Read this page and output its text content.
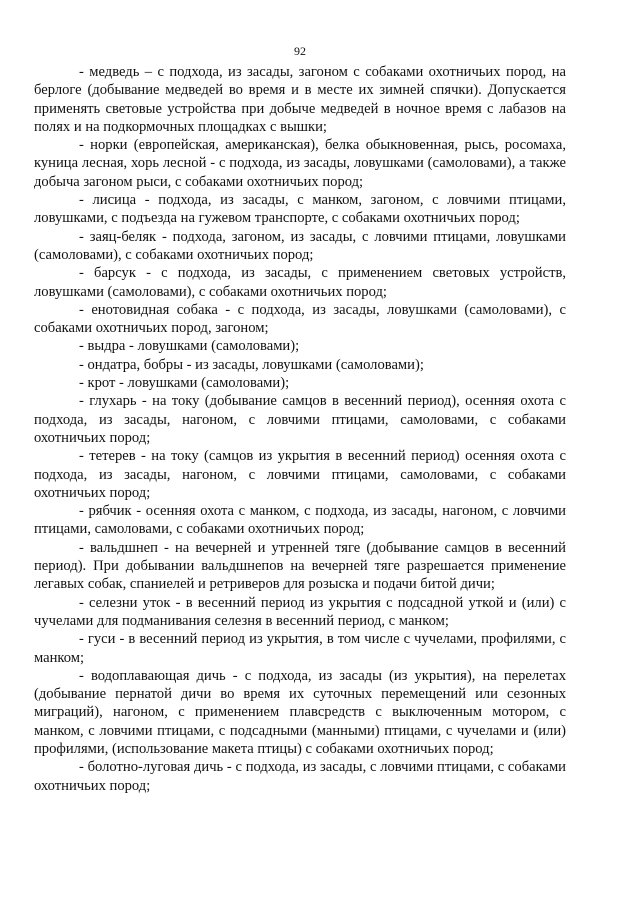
92

- медведь – с подхода, из засады, загоном с собаками охотничьих пород, на берлоге (добывание медведей во время и в месте их зимней спячки). Допускается применять световые устройства при добыче медведей в ночное время с лабазов на полях и на подкормочных площадках с вышки;

- норки (европейская, американская), белка обыкновенная, рысь, росомаха, куница лесная, хорь лесной - с подхода, из засады, ловушками (самоловами), а также добыча загоном рыси, с собаками охотничьих пород;

- лисица - подхода, из засады, с манком, загоном, с ловчими птицами, ловушками, с подъезда на гужевом транспорте, с собаками охотничьих пород;

- заяц-беляк - подхода, загоном, из засады, с ловчими птицами, ловушками (самоловами), с собаками охотничьих пород;

- барсук - с подхода, из засады, с применением световых устройств, ловушками (самоловами), с собаками охотничьих пород;

- енотовидная собака - с подхода, из засады, ловушками (самоловами), с собаками охотничьих пород, загоном;

- выдра - ловушками (самоловами);

- ондатра, бобры - из засады, ловушками (самоловами);

- крот - ловушками (самоловами);

- глухарь - на току (добывание самцов в весенний период), осенняя охота с подхода, из засады, нагоном, с ловчими птицами, самоловами, с собаками охотничьих пород;

- тетерев - на току (самцов из укрытия в весенний период) осенняя охота с подхода, из засады, нагоном, с ловчими птицами, самоловами, с собаками охотничьих пород;

- рябчик - осенняя охота с манком, с подхода, из засады, нагоном, с ловчими птицами, самоловами, с собаками охотничьих пород;

- вальдшнеп - на вечерней и утренней тяге (добывание самцов в весенний период). При добывании вальдшнепов на вечерней тяге разрешается применение легавых собак, спаниелей и ретриверов для розыска и подачи битой дичи;

- селезни уток - в весенний период из укрытия с подсадной уткой и (или) с чучелами для подманивания селезня в весенний период, с манком;

- гуси - в весенний период из укрытия, в том числе с чучелами, профилями, с манком;

- водоплавающая дичь - с подхода, из засады (из укрытия), на перелетах (добывание пернатой дичи во время их суточных перемещений или сезонных миграций), нагоном, с применением плавсредств с выключенным мотором, с манком, с ловчими птицами, с подсадными (манными) птицами, с чучелами и (или) профилями, (использование макета птицы) с собаками охотничьих пород;

- болотно-луговая дичь - с подхода, из засады, с ловчими птицами, с собаками охотничьих пород;
